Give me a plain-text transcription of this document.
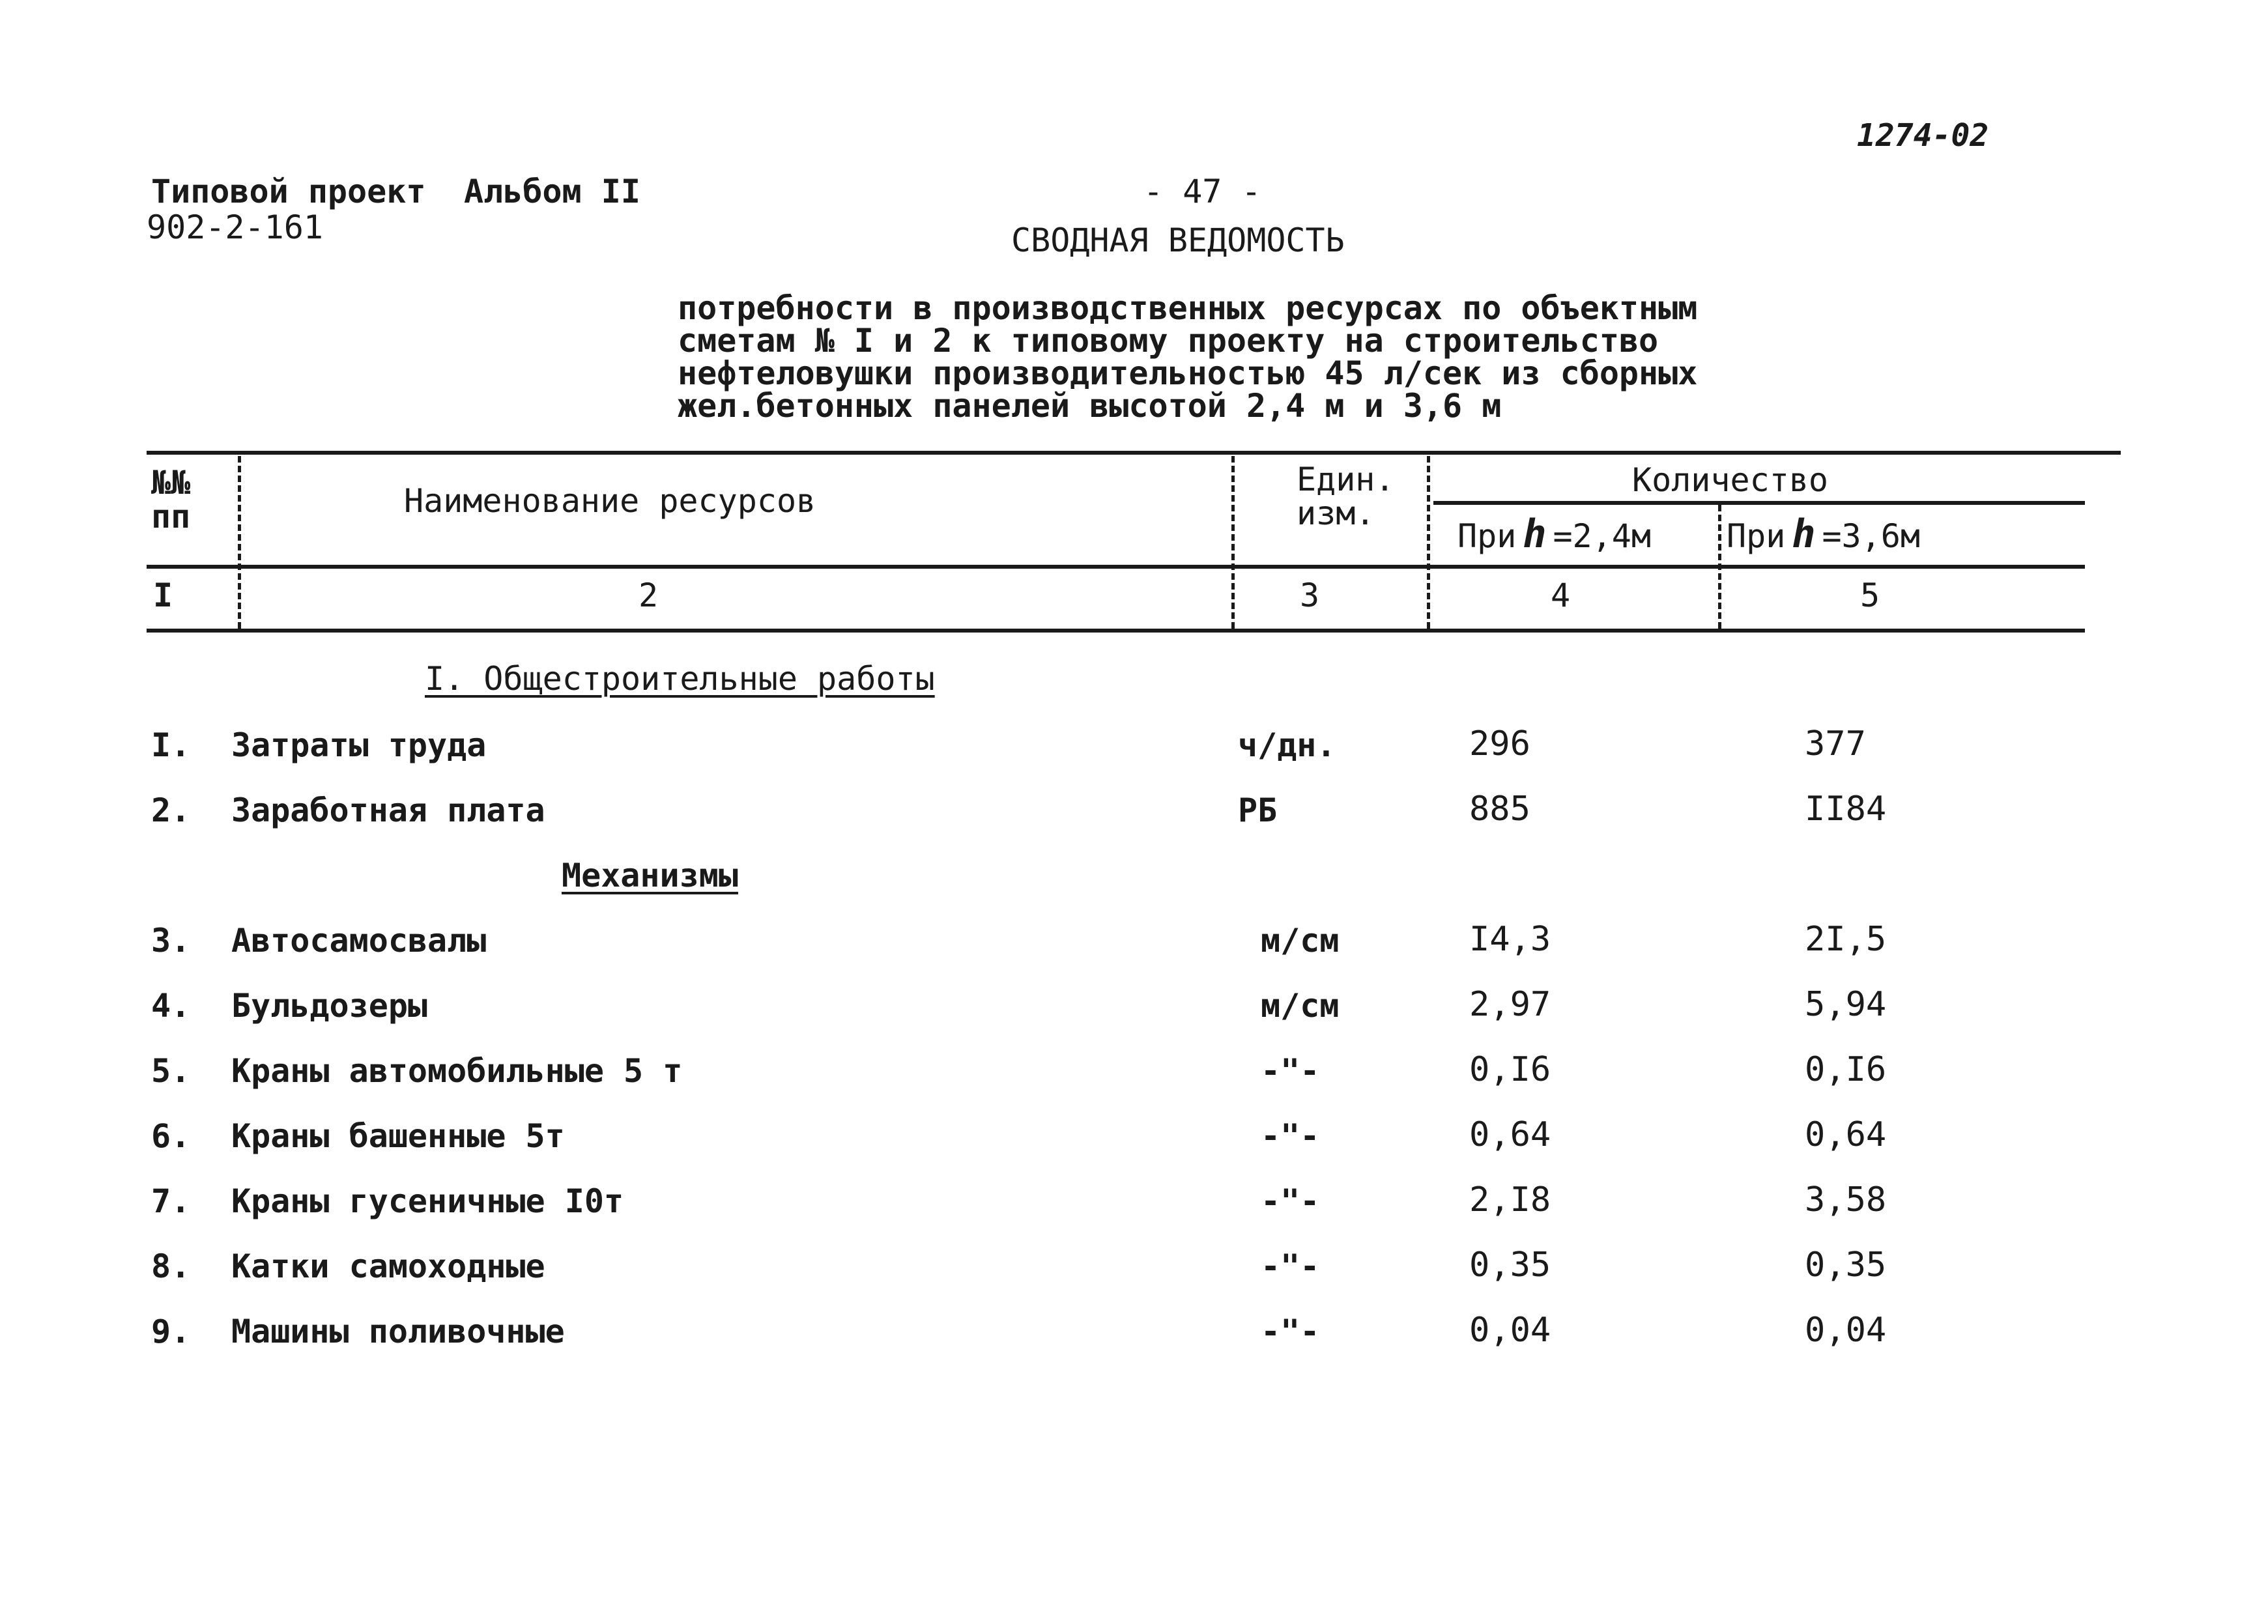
1274-02
Типовой проект Альбом II
902-2-161
- 47 -
СВОДНАЯ ВЕДОМОСТЬ
потребности в производственных ресурсах по объектным
сметам № I и 2 к типовому проекту на строительство
нефтеловушки производительностью 45 л/сек из сборных
жел.бетонных панелей высотой 2,4 м и 3,6 м
№№ пп	Наименование ресурсов
Един. изм.
Количество
При h =2,4м При h =3,6м
I	2	3	4	5
I. Общестроительные работы
Механизмы
I. Затраты труда	ч/дн.	296	377
2. Заработная плата	РБ	885	II84
3. Автосамосвалы	м/см	I4,3	2I,5
4. Бульдозеры	м/см	2,97	5,94
5. Краны автомобильные 5 т	-"-	0,I6	0,I6
6. Краны башенные 5т	-"-	0,64	0,64
7. Краны гусеничные I0т	-"-	2,I8	3,58
8. Катки самоходные	-"-	0,35	0,35
9. Машины поливочные	-"-	0,04	0,04
